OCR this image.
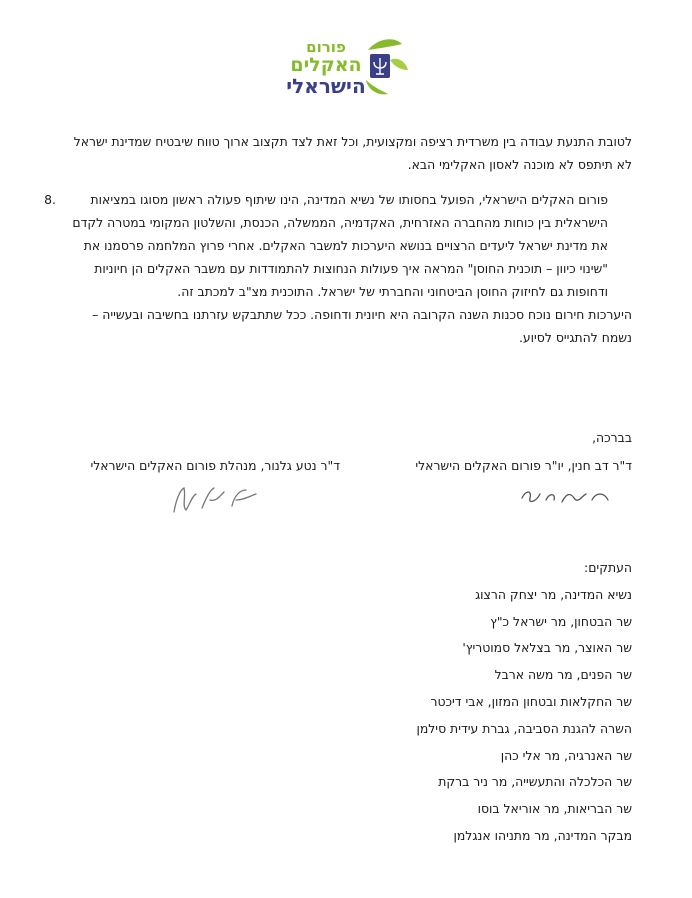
פורום
האקלים
הישראלי

לטובת התנעת עבודה בין משרדית רציפה ומקצועית, וכל זאת לצד תקצוב ארוך טווח שיבטיח שמדינת ישראל לא תיתפס לא מוכנה לאסון האקלימי הבא.

8.	פורום האקלים הישראלי, הפועל בחסותו של נשיא המדינה, הינו שיתוף פעולה ראשון מסוגו במציאות הישראלית בין כוחות מהחברה האזרחית, האקדמיה, הממשלה, הכנסת, והשלטון המקומי במטרה לקדם את מדינת ישראל ליעדים הרצויים בנושא היערכות למשבר האקלים. אחרי פרוץ המלחמה פרסמנו את "שינוי כיוון – תוכנית החוסן" המראה איך פעולות הנחוצות להתמודדות עם משבר האקלים הן חיוניות ודחופות גם לחיזוק החוסן הביטחוני והחברתי של ישראל. התוכנית מצ"ב למכתב זה.

היערכות חירום נוכח סכנות השנה הקרובה היא חיונית ודחופה. ככל שתתבקש עזרתנו בחשיבה ובעשייה – נשמח להתגייס לסיוע.

בברכה,
ד"ר דב חנין, יו"ר פורום האקלים הישראלי
ד"ר נטע גלנור, מנהלת פורום האקלים הישראלי
העתקים:
נשיא המדינה, מר יצחק הרצוג
שר הבטחון, מר ישראל כ"ץ
שר האוצר, מר בצלאל סמוטריץ'
שר הפנים, מר משה ארבל
שר החקלאות ובטחון המזון, אבי דיכטר
השרה להגנת הסביבה, גברת עידית סילמן
שר האנרגיה, מר אלי כהן
שר הכלכלה והתעשייה, מר ניר ברקת
שר הבריאות, מר אוריאל בוסו
מבקר המדינה, מר מתניהו אנגלמן
